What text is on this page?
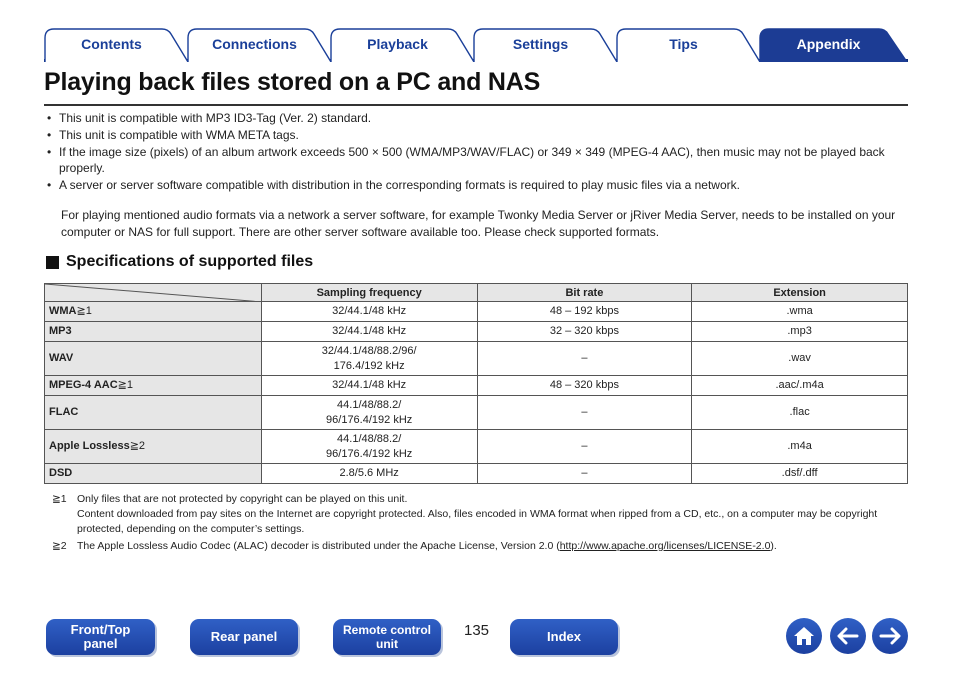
Contents	Connections	Playback	Settings	Tips	Appendix
Playing back files stored on a PC and NAS
• This unit is compatible with MP3 ID3-Tag (Ver. 2) standard.
• This unit is compatible with WMA META tags.
• If the image size (pixels) of an album artwork exceeds 500 × 500 (WMA/MP3/WAV/FLAC) or 349 × 349 (MPEG-4 AAC), then music may not be played back properly.
• A server or server software compatible with distribution in the corresponding formats is required to play music files via a network.

For playing mentioned audio formats via a network a server software, for example Twonky Media Server or jRiver Media Server, needs to be installed on your computer or NAS for full support. There are other server software available too. Please check supported formats.

Specifications of supported files
	Sampling frequency	Bit rate	Extension
WMA≧1	32/44.1/48 kHz	48 – 192 kbps	.wma
MP3	32/44.1/48 kHz	32 – 320 kbps	.mp3
WAV	32/44.1/48/88.2/96/
176.4/192 kHz	–	.wav
MPEG-4 AAC≧1	32/44.1/48 kHz	48 – 320 kbps	.aac/.m4a
FLAC	44.1/48/88.2/
96/176.4/192 kHz	–	.flac
Apple Lossless≧2	44.1/48/88.2/
96/176.4/192 kHz	–	.m4a
DSD	2.8/5.6 MHz	–	.dsf/.dff
≧1 Only files that are not protected by copyright can be played on this unit.
Content downloaded from pay sites on the Internet are copyright protected. Also, files encoded in WMA format when ripped from a CD, etc., on a computer may be copyright protected, depending on the computer’s settings.
≧2 The Apple Lossless Audio Codec (ALAC) decoder is distributed under the Apache License, Version 2.0 (http://www.apache.org/licenses/LICENSE-2.0).
Front/Top
panel	Rear panel	Remote control
unit
135	Index
